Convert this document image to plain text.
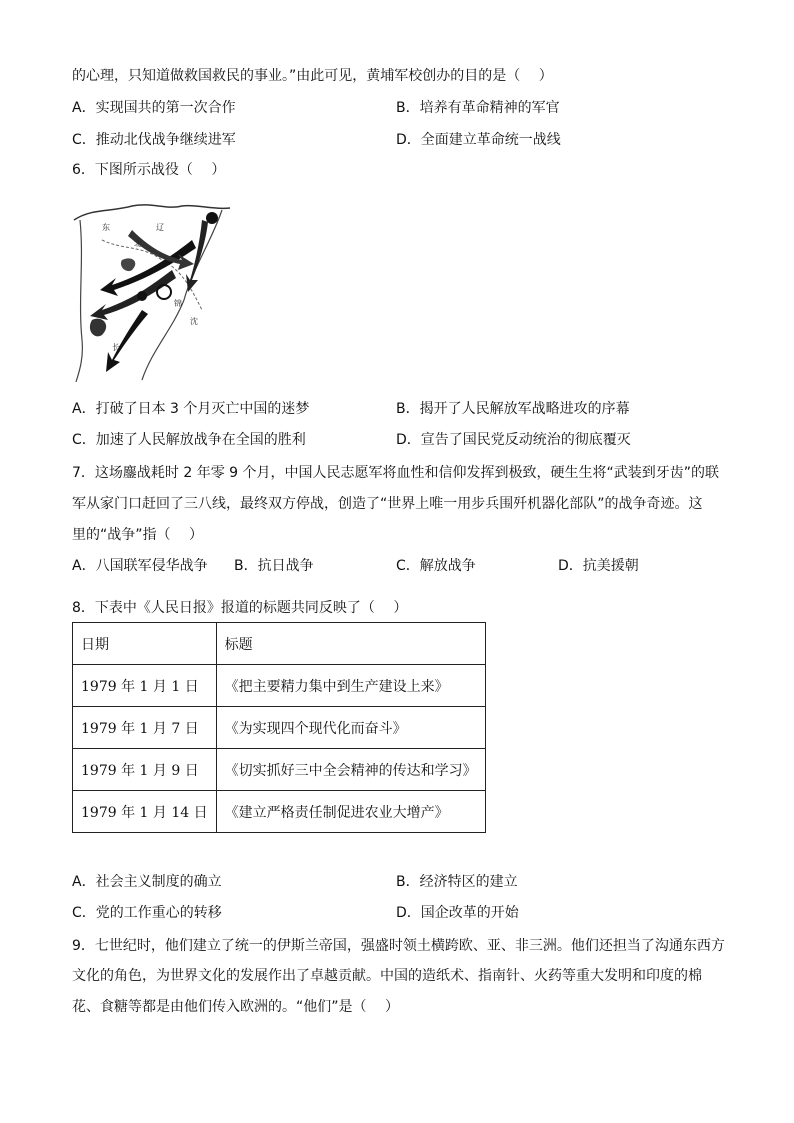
的心理，只知道做救国救民的事业。”由此可见，黄埔军校创办的目的是（　 ）
A．实现国共的第一次合作	B．培养有革命精神的军官
C．推动北伐战争继续进军	D．全面建立革命统一战线
6．下图所示战役（　 ）
东
北
辽
锦
沈
长
A．打破了日本 3 个月灭亡中国的迷梦	B．揭开了人民解放军战略进攻的序幕
C．加速了人民解放战争在全国的胜利	D．宣告了国民党反动统治的彻底覆灭
7．这场鏖战耗时 2 年零 9 个月，中国人民志愿军将血性和信仰发挥到极致，硬生生将“武装到牙齿”的联
军从家门口赶回了三八线，最终双方停战，创造了“世界上唯一用步兵围歼机器化部队”的战争奇迹。这
里的“战争”指（　 ）
A．八国联军侵华战争 B．抗日战争	C．解放战争	D．抗美援朝
8．下表中《人民日报》报道的标题共同反映了（　 ）
日期	标题
1979 年 1 月 1 日	《把主要精力集中到生产建设上来》
1979 年 1 月 7 日	《为实现四个现代化而奋斗》
1979 年 1 月 9 日	《切实抓好三中全会精神的传达和学习》
1979 年 1 月 14 日	《建立严格责任制促进农业大增产》
A．社会主义制度的确立	B．经济特区的建立
C．党的工作重心的转移	D．国企改革的开始
9．七世纪时，他们建立了统一的伊斯兰帝国，强盛时领土横跨欧、亚、非三洲。他们还担当了沟通东西方
文化的角色，为世界文化的发展作出了卓越贡献。中国的造纸术、指南针、火药等重大发明和印度的棉
花、食糖等都是由他们传入欧洲的。“他们”是（　 ）
